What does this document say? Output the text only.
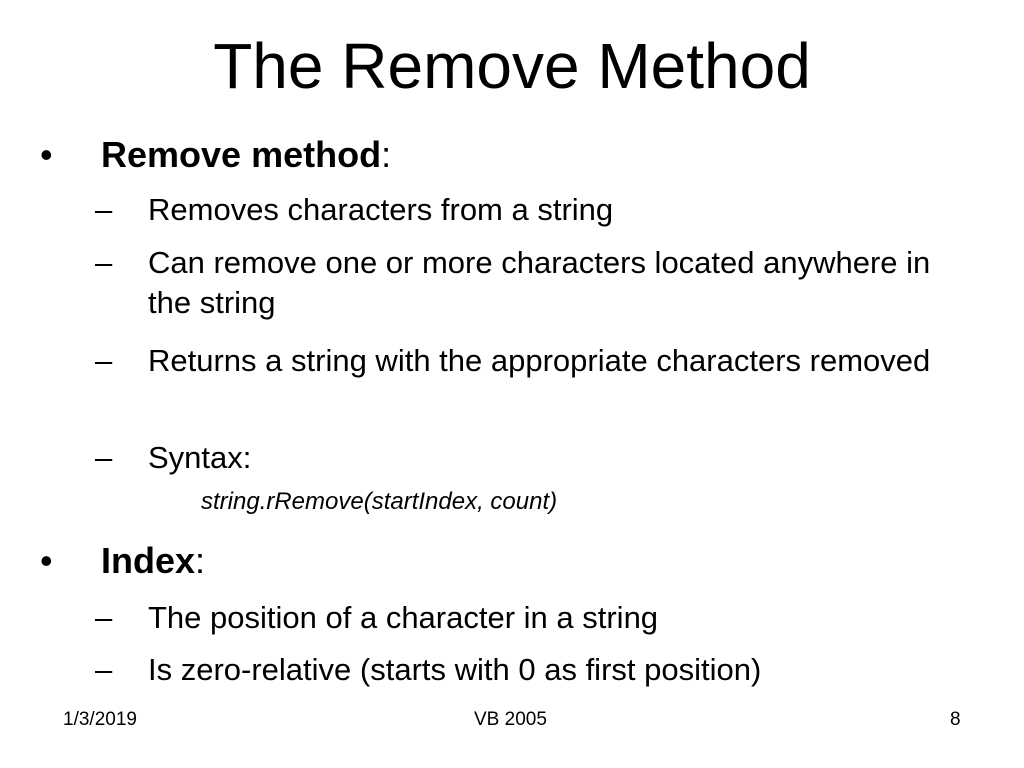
The Remove Method
• Remove method:
– Removes characters from a string
– Can remove one or more characters located anywhere in the string
– Returns a string with the appropriate characters removed
– Syntax:
string.rRemove(startIndex, count)
• Index:
– The position of a character in a string
– Is zero-relative (starts with 0 as first position)
1/3/2019	VB 2005	8
